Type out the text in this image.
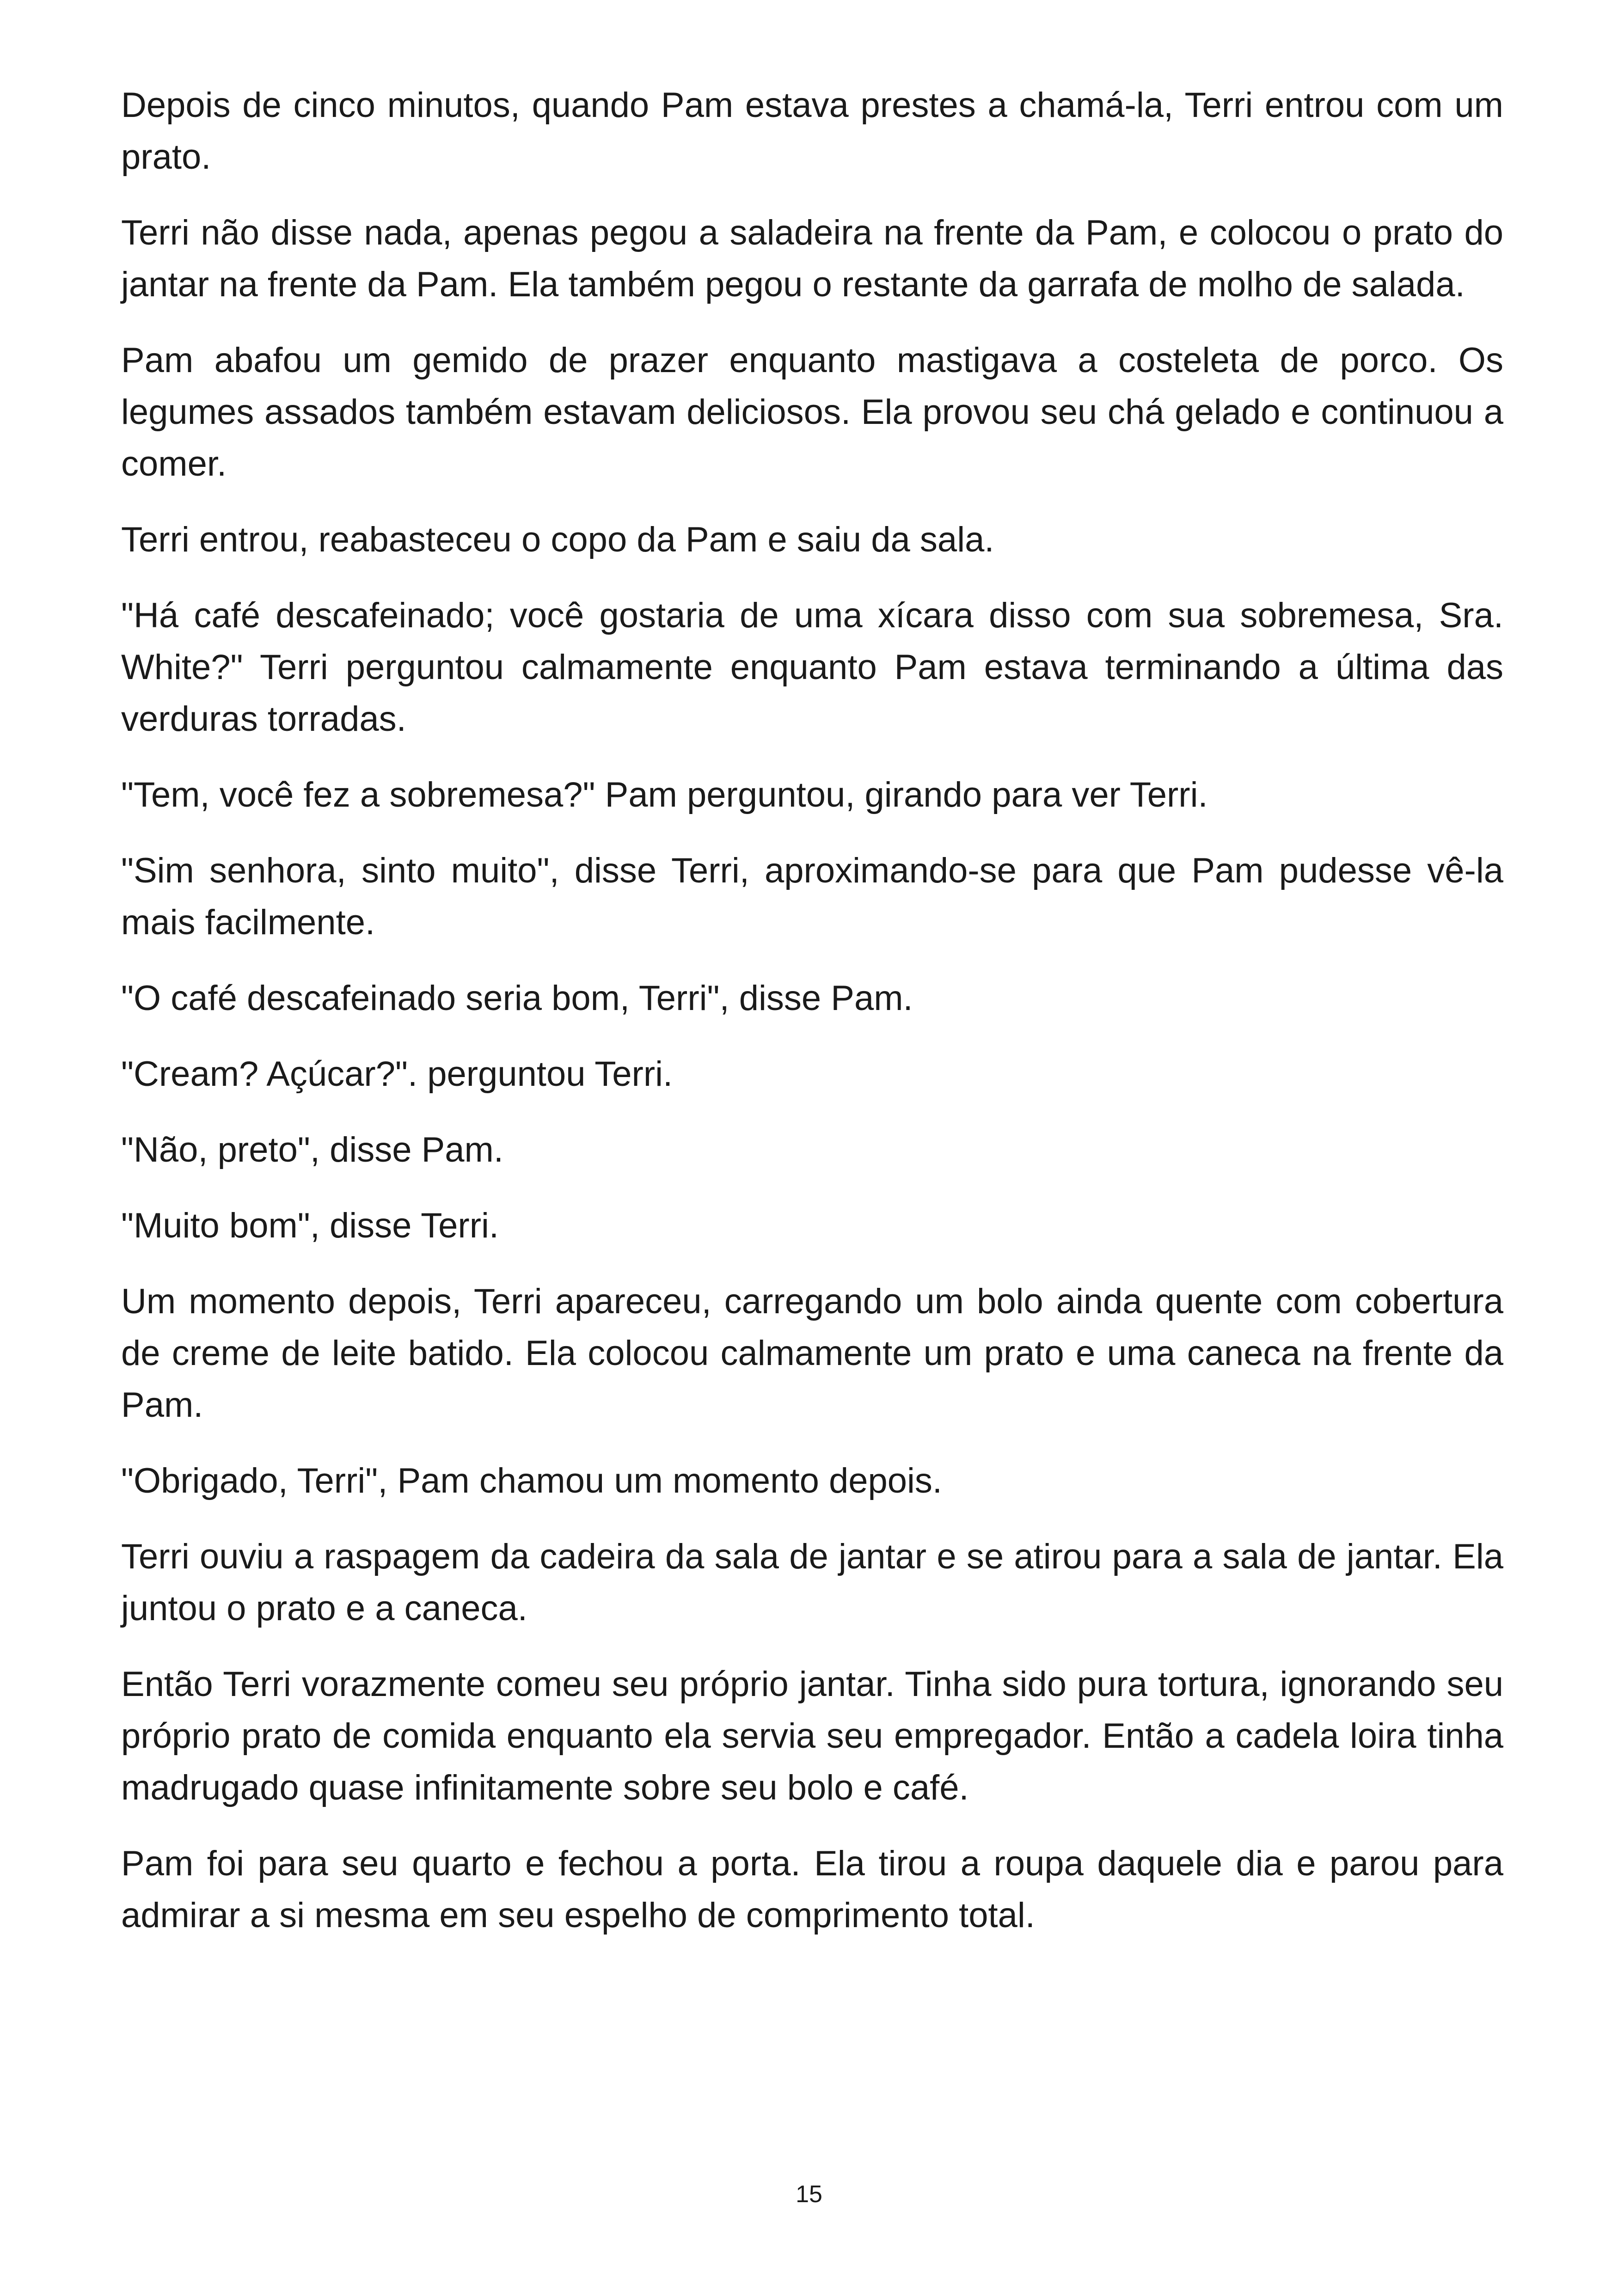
Depois de cinco minutos, quando Pam estava prestes a chamá-la, Terri entrou com um prato.

Terri não disse nada, apenas pegou a saladeira na frente da Pam, e colocou o prato do jantar na frente da Pam. Ela também pegou o restante da garrafa de molho de salada.

Pam abafou um gemido de prazer enquanto mastigava a costeleta de porco. Os legumes assados também estavam deliciosos. Ela provou seu chá gelado e continuou a comer.

Terri entrou, reabasteceu o copo da Pam e saiu da sala.

"Há café descafeinado; você gostaria de uma xícara disso com sua sobremesa, Sra. White?" Terri perguntou calmamente enquanto Pam estava terminando a última das verduras torradas.

"Tem, você fez a sobremesa?" Pam perguntou, girando para ver Terri.

"Sim senhora, sinto muito", disse Terri, aproximando-se para que Pam pudesse vê-la mais facilmente.

"O café descafeinado seria bom, Terri", disse Pam.

"Cream? Açúcar?". perguntou Terri.

"Não, preto", disse Pam.

"Muito bom", disse Terri.

Um momento depois, Terri apareceu, carregando um bolo ainda quente com cobertura de creme de leite batido. Ela colocou calmamente um prato e uma caneca na frente da Pam.

"Obrigado, Terri", Pam chamou um momento depois.

Terri ouviu a raspagem da cadeira da sala de jantar e se atirou para a sala de jantar. Ela juntou o prato e a caneca.

Então Terri vorazmente comeu seu próprio jantar. Tinha sido pura tortura, ignorando seu próprio prato de comida enquanto ela servia seu empregador. Então a cadela loira tinha madrugado quase infinitamente sobre seu bolo e café.

Pam foi para seu quarto e fechou a porta. Ela tirou a roupa daquele dia e parou para admirar a si mesma em seu espelho de comprimento total.

15
